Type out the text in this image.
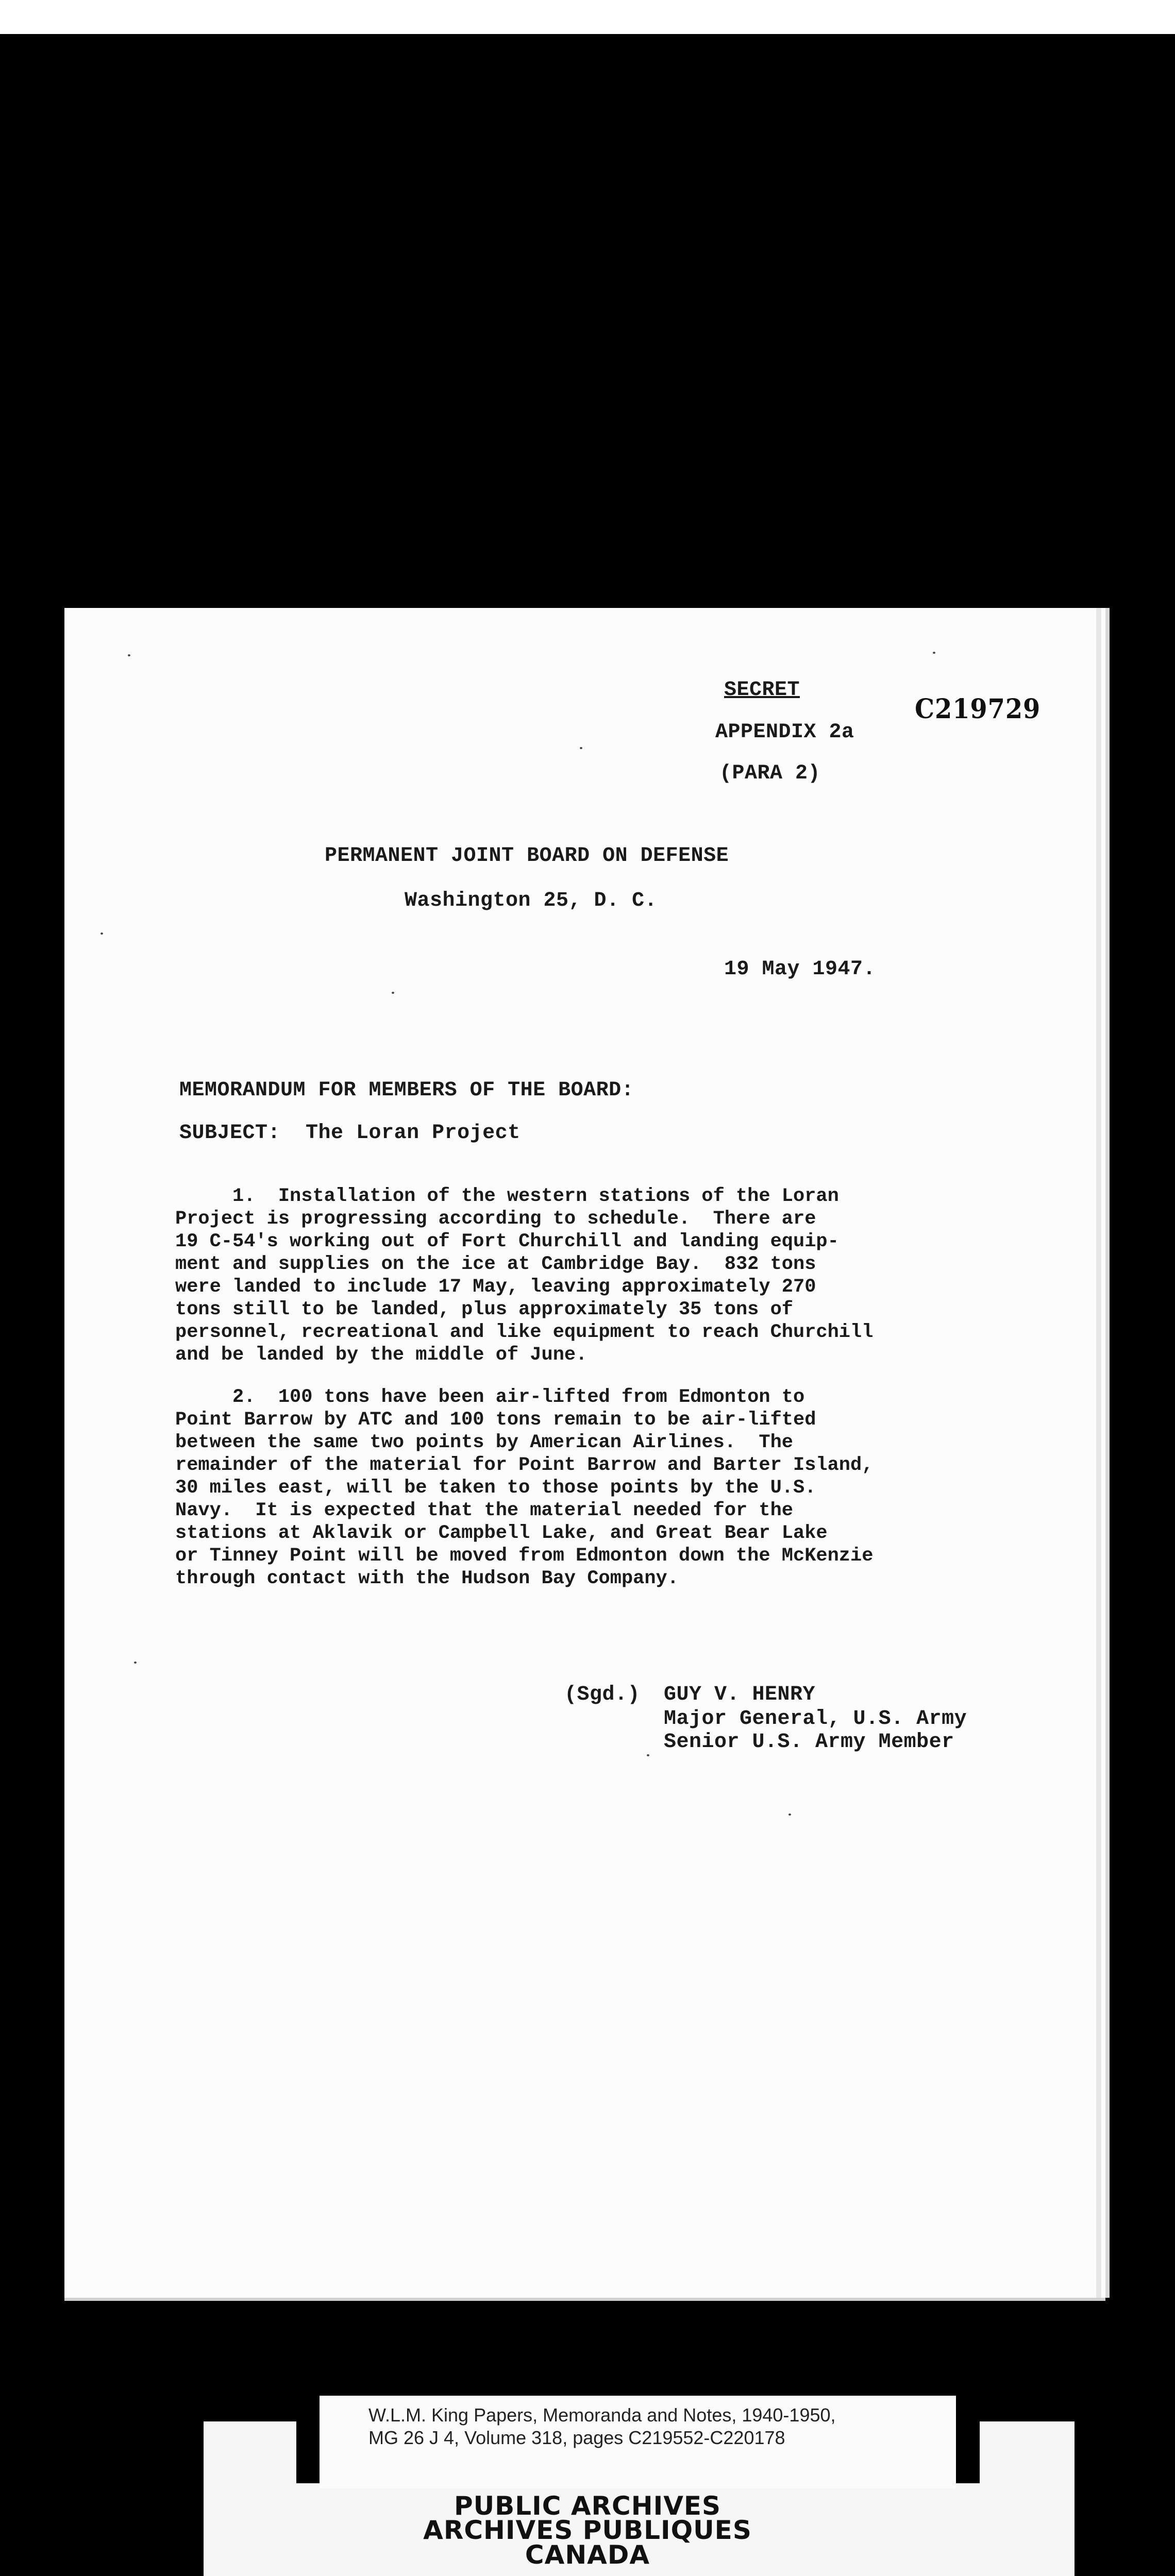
SECRET
APPENDIX 2a
(PARA 2)
C219729
PERMANENT JOINT BOARD ON DEFENSE
Washington 25, D. C.
19 May 1947.
MEMORANDUM FOR MEMBERS OF THE BOARD:
SUBJECT:  The Loran Project
1.  Installation of the western stations of the Loran
Project is progressing according to schedule.  There are
19 C-54's working out of Fort Churchill and landing equip-
ment and supplies on the ice at Cambridge Bay.  832 tons
were landed to include 17 May, leaving approximately 270
tons still to be landed, plus approximately 35 tons of
personnel, recreational and like equipment to reach Churchill
and be landed by the middle of June.
2.  100 tons have been air-lifted from Edmonton to
Point Barrow by ATC and 100 tons remain to be air-lifted
between the same two points by American Airlines.  The
remainder of the material for Point Barrow and Barter Island,
30 miles east, will be taken to those points by the U.S.
Navy.  It is expected that the material needed for the
stations at Aklavik or Campbell Lake, and Great Bear Lake
or Tinney Point will be moved from Edmonton down the McKenzie
through contact with the Hudson Bay Company.
(Sgd.) GUY V. HENRY
Major General, U.S. Army
Senior U.S. Army Member
W.L.M. King Papers, Memoranda and Notes, 1940-1950,
MG 26 J 4, Volume 318, pages C219552-C220178
PUBLIC ARCHIVES
ARCHIVES PUBLIQUES
CANADA
